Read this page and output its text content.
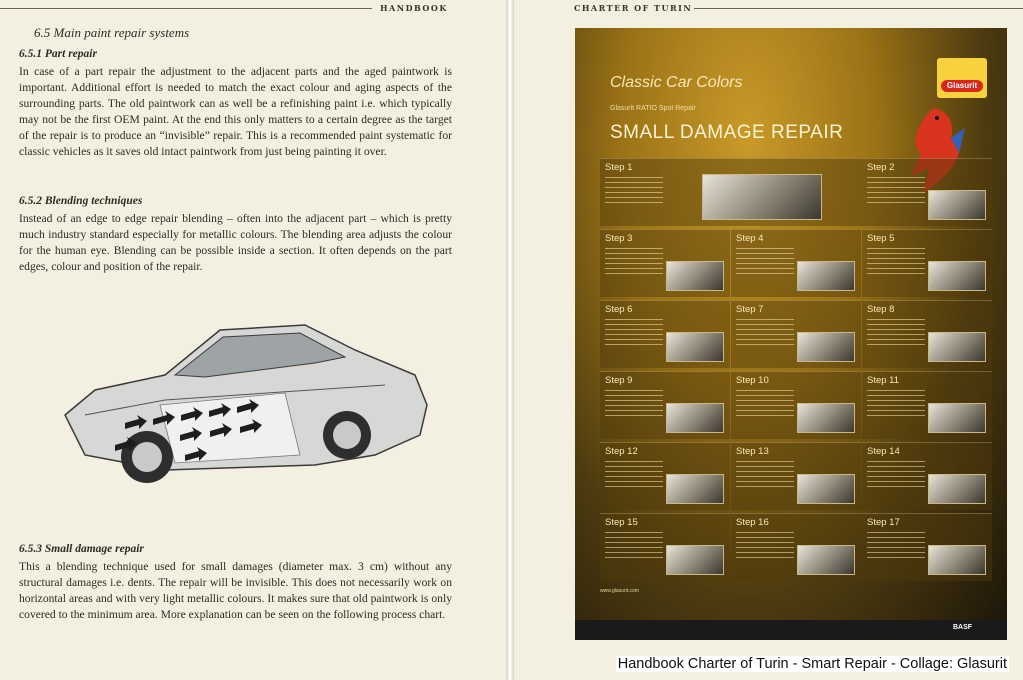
HANDBOOK
6.5 Main paint repair systems
6.5.1 Part repair
In case of a part repair the adjustment to the adjacent parts and the aged paintwork is important. Additional effort is needed to match the exact colour and aging aspects of the surrounding parts. The old paintwork can as well be a refinishing paint i.e. which typically may not be the first OEM paint. At the end this only matters to a certain degree as the target of the repair is to produce an “invisible” repair. This is a recommended paint systematic for classic vehicles as it saves old intact paintwork from just being painting it over.
6.5.2 Blending techniques
Instead of an edge to edge repair blending – often into the adjacent part – which is pretty much industry standard especially for metallic colours. The blending area adjusts the colour for the human eye. Blending can be possible inside a section. It often depends on the part edges, colour and position of the repair.
6.5.3 Small damage repair
This a blending technique used for small damages (diameter max. 3 cm) without any structural damages i.e. dents. The repair will be invisible. This does not necessarily work on horizontal areas and with very light metallic colours. It makes sure that old paintwork is only covered to the minimum area. More explanation can be seen on the following process chart.
CHARTER OF TURIN
Classic Car Colors
Glasurit RATIO Spot Repair
SMALL DAMAGE REPAIR
Glasurit
Step 1	Step 2
Step 3	Step 4	Step 5
Step 6	Step 7	Step 8
Step 9	Step 10	Step 11
Step 12	Step 13	Step 14
Step 15	Step 16	Step 17
www.glasurit.com
BASF
Handbook Charter of Turin - Smart Repair - Collage: Glasurit
